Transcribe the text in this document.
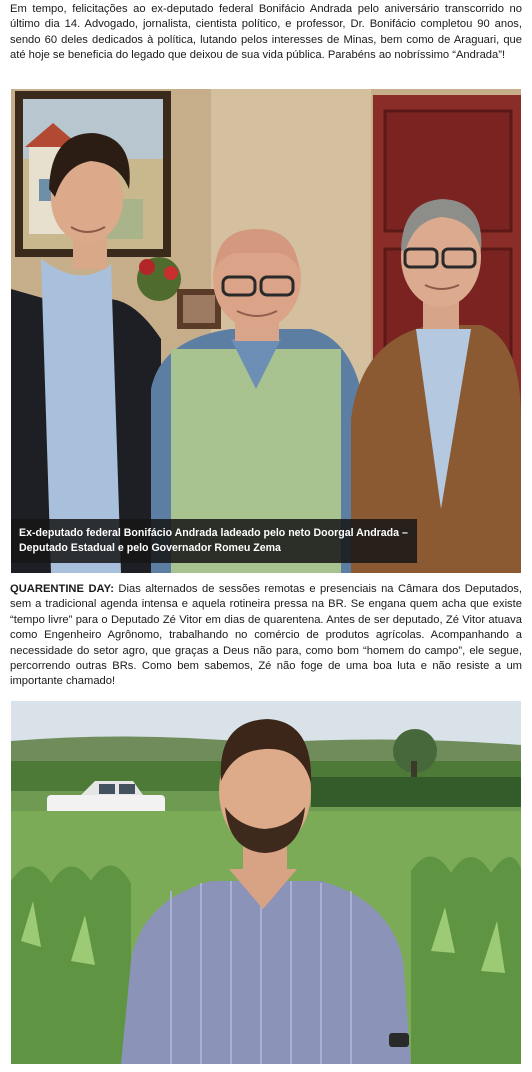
Em tempo, felicitações ao ex-deputado federal Bonifácio Andrada pelo aniversário transcorrido no último dia 14. Advogado, jornalista, cientista político, e professor, Dr. Bonifácio completou 90 anos, sendo 60 deles dedicados à política, lutando pelos interesses de Minas, bem como de Araguari, que até hoje se beneficia do legado que deixou de sua vida pública. Parabéns ao nobríssimo “Andrada”!

Ex-deputado federal Bonifácio Andrada ladeado pelo neto Doorgal Andrada – Deputado Estadual e pelo Governador Romeu Zema

QUARENTINE DAY: Dias alternados de sessões remotas e presenciais na Câmara dos Deputados, sem a tradicional agenda intensa e aquela rotineira pressa na BR. Se engana quem acha que existe “tempo livre” para o Deputado Zé Vitor em dias de quarentena. Antes de ser deputado, Zé Vitor atuava como Engenheiro Agrônomo, trabalhando no comércio de produtos agrícolas. Acompanhando a necessidade do setor agro, que graças a Deus não para, como bom “homem do campo”, ele segue, percorrendo outras BRs. Como bem sabemos, Zé não foge de uma boa luta e não resiste a um importante chamado!
